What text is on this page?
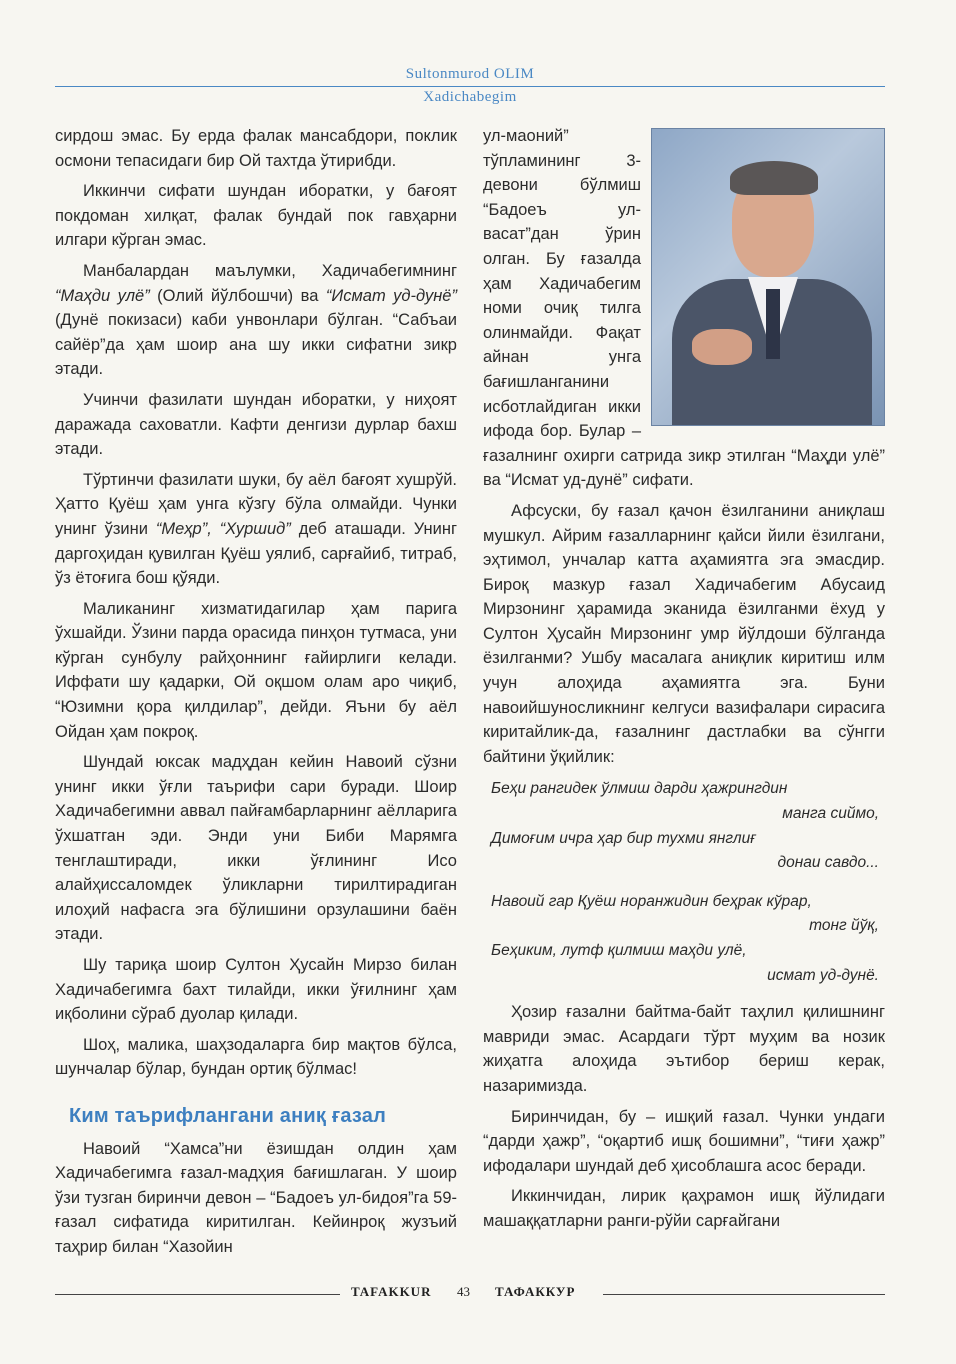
Sultonmurod OLIM
Xadichabegim

сирдош эмас. Бу ерда фалак мансабдори, поклик осмони тепасидаги бир Ой тахтда ўтирибди.

Иккинчи сифати шундан иборатки, у бағоят покдоман хилқат, фалак бундай пок гавҳарни илгари кўрган эмас.

Манбалардан маълумки, Хадичабегимнинг “Маҳди улё” (Олий йўлбошчи) ва “Исмат уд-дунё” (Дунё покизаси) каби унвонлари бўлган. “Сабъаи сайёр”да ҳам шоир ана шу икки сифатни зикр этади.

Учинчи фазилати шундан иборатки, у ниҳоят даражада саховатли. Кафти денгизи дурлар бахш этади.

Тўртинчи фазилати шуки, бу аёл бағоят хушрўй. Ҳатто Қуёш ҳам унга кўзгу бўла олмайди. Чунки унинг ўзини “Меҳр”, “Хуршид” деб аташади. Унинг даргоҳидан қувилган Қуёш уялиб, сарғайиб, титраб, ўз ётоғига бош қўяди.

Маликанинг хизматидагилар ҳам парига ўхшайди. Ўзини парда орасида пинҳон тутмаса, уни кўрган сунбулу райҳоннинг ғайирлиги келади. Иффати шу қадарки, Ой оқшом олам аро чиқиб, “Юзимни қора қилдилар”, дейди. Яъни бу аёл Ойдан ҳам покроқ.

Шундай юксак мадҳдан кейин Навоий сўзни унинг икки ўғли таърифи сари буради. Шоир Хадичабегимни аввал пайғамбарларнинг аёлларига ўхшатган эди. Энди уни Биби Марямга тенглаштиради, икки ўғлининг Исо алайҳиссаломдек ўликларни тирилтирадиган илоҳий нафасга эга бўлишини орзулашини баён этади.

Шу тариқа шоир Султон Ҳусайн Мирзо билан Хадичабегимга бахт тилайди, икки ўғилнинг ҳам иқболини сўраб дуолар қилади.

Шоҳ, малика, шаҳзодаларга бир мақтов бўлса, шунчалар бўлар, бундан ортиқ бўлмас!

Ким таърифлангани аниқ ғазал

Навоий “Хамса”ни ёзишдан олдин ҳам Хадичабегимга ғазал-мадҳия бағишлаган. У шоир ўзи тузган биринчи девон – “Бадоеъ ул-бидоя”га 59-ғазал сифатида киритилган. Кейинроқ жузъий таҳрир билан “Хазойин

ул-маоний” тўпламининг 3-девони бўлмиш “Бадоеъ ул-васат”дан ўрин олган. Бу ғазалда ҳам Хадичабегим номи очиқ тилга олинмайди. Фақат айнан унга бағишланганини исботлайдиган икки ифода бор. Булар – ғазалнинг охирги сатрида зикр этилган “Маҳди улё” ва “Исмат уд-дунё” сифати.

Афсуски, бу ғазал қачон ёзилганини аниқлаш мушкул. Айрим ғазалларнинг қайси йили ёзилгани, эҳтимол, унчалар катта аҳамиятга эга эмасдир. Бироқ мазкур ғазал Хадичабегим Абусаид Мирзонинг ҳарамида эканида ёзилганми ёхуд у Султон Ҳусайн Мирзонинг умр йўлдоши бўлганда ёзилганми? Ушбу масалага аниқлик киритиш илм учун алоҳида аҳамиятга эга. Буни навоийшуносликнинг келгуси вазифалари сирасига киритайлик-да, ғазалнинг дастлабки ва сўнгги байтини ўқийлик:

Беҳи рангидек ўлмиш дарди ҳажрингдин
манга сиймо,
Димоғим ичра ҳар бир тухми янглиғ
донаи савдо...
Навоий гар Қуёш норанжидин беҳрак кўрар,
тонг йўқ,
Беҳиким, лутф қилмиш маҳди улё,
исмат уд-дунё.

Ҳозир ғазални байтма-байт таҳлил қилишнинг мавриди эмас. Асардаги тўрт муҳим ва нозик жиҳатга алоҳида эътибор бериш керак, назаримизда.

Биринчидан, бу – ишқий ғазал. Чунки ундаги “дарди ҳажр”, “оқартиб ишқ бошимни”, “тиғи ҳажр” ифодалари шундай деб ҳисоблашга асос беради.

Иккинчидан, лирик қаҳрамон ишқ йўлидаги машаққатларни ранги-рўйи сарғайгани

TAFAKKUR 43 ТАФАККУР
